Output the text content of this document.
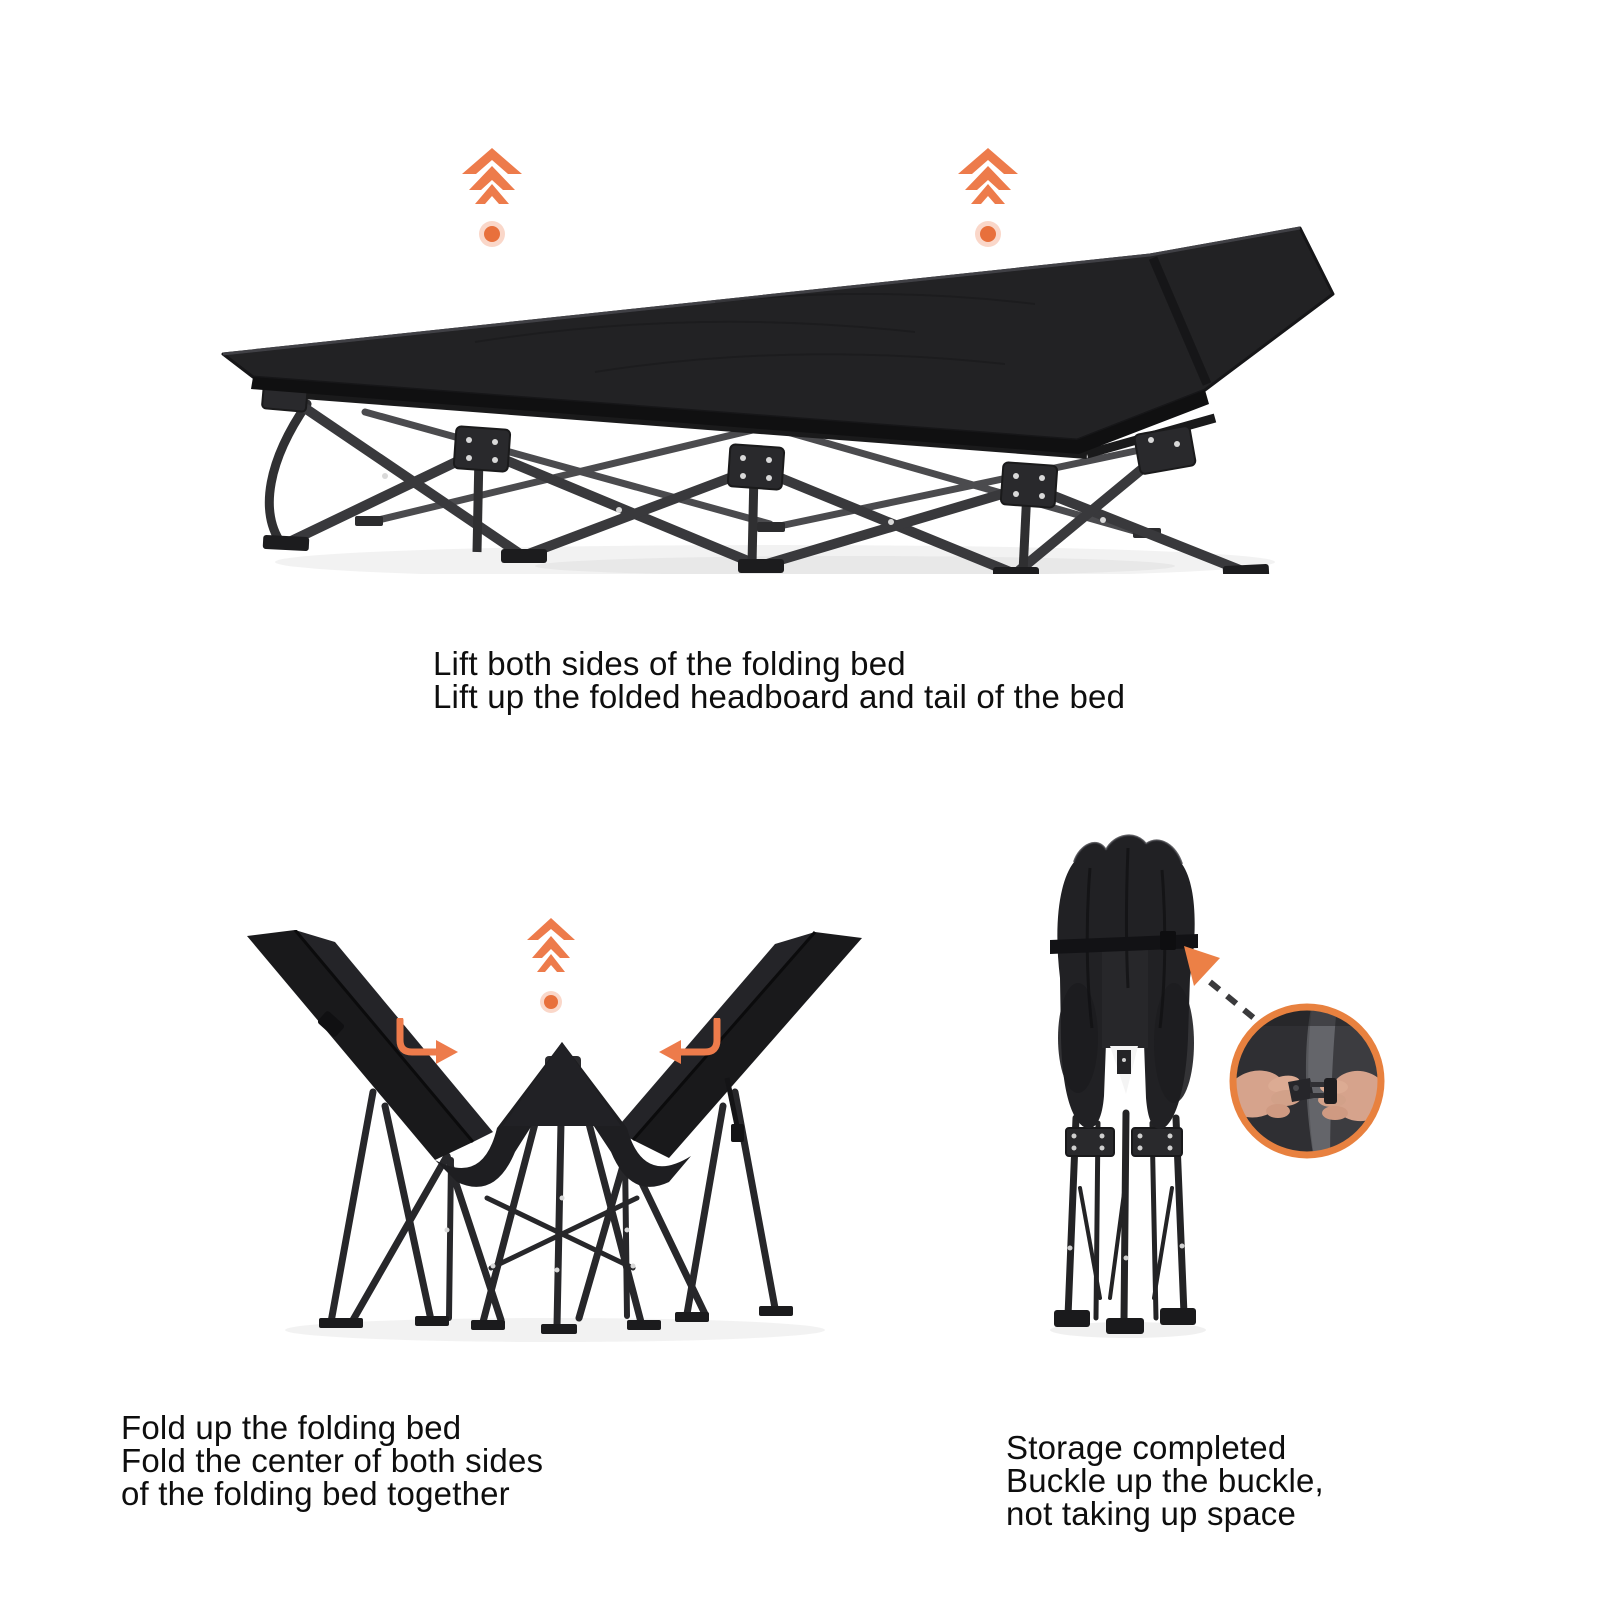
Lift both sides of the folding bed
Lift up the folded headboard and tail of the bed
Fold up the folding bed
Fold the center of both sides
of the folding bed together
Storage completed
Buckle up the buckle,
not taking up space
